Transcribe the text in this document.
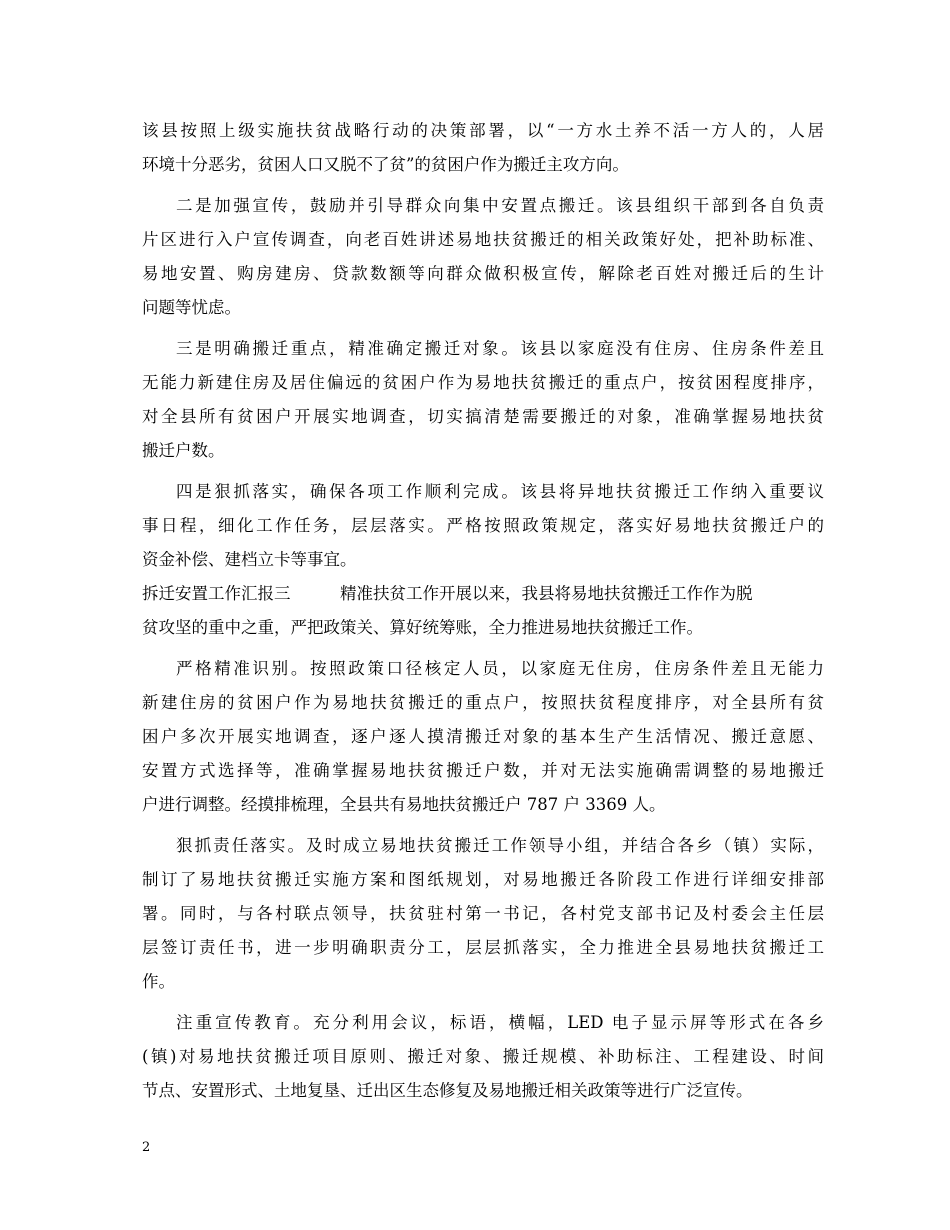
该县按照上级实施扶贫战略行动的决策部署，以“一方水土养不活一方人的，人居
环境十分恶劣，贫困人口又脱不了贫”的贫困户作为搬迁主攻方向。
二是加强宣传，鼓励并引导群众向集中安置点搬迁。该县组织干部到各自负责
片区进行入户宣传调查，向老百姓讲述易地扶贫搬迁的相关政策好处，把补助标准、
易地安置、购房建房、贷款数额等向群众做积极宣传，解除老百姓对搬迁后的生计
问题等忧虑。
三是明确搬迁重点，精准确定搬迁对象。该县以家庭没有住房、住房条件差且
无能力新建住房及居住偏远的贫困户作为易地扶贫搬迁的重点户，按贫困程度排序，
对全县所有贫困户开展实地调查，切实搞清楚需要搬迁的对象，准确掌握易地扶贫
搬迁户数。
四是狠抓落实，确保各项工作顺利完成。该县将异地扶贫搬迁工作纳入重要议
事日程，细化工作任务，层层落实。严格按照政策规定，落实好易地扶贫搬迁户的
资金补偿、建档立卡等事宜。
拆迁安置工作汇报三	精准扶贫工作开展以来，我县将易地扶贫搬迁工作作为脱
贫攻坚的重中之重，严把政策关、算好统筹账，全力推进易地扶贫搬迁工作。
严格精准识别。按照政策口径核定人员，以家庭无住房，住房条件差且无能力
新建住房的贫困户作为易地扶贫搬迁的重点户，按照扶贫程度排序，对全县所有贫
困户多次开展实地调查，逐户逐人摸清搬迁对象的基本生产生活情况、搬迁意愿、
安置方式选择等，准确掌握易地扶贫搬迁户数，并对无法实施确需调整的易地搬迁
户进行调整。经摸排梳理，全县共有易地扶贫搬迁户 787 户 3369 人。
狠抓责任落实。及时成立易地扶贫搬迁工作领导小组，并结合各乡（镇）实际，
制订了易地扶贫搬迁实施方案和图纸规划，对易地搬迁各阶段工作进行详细安排部
署。同时，与各村联点领导，扶贫驻村第一书记，各村党支部书记及村委会主任层
层签订责任书，进一步明确职责分工，层层抓落实，全力推进全县易地扶贫搬迁工
作。
注重宣传教育。充分利用会议，标语，横幅，LED 电子显示屏等形式在各乡
(镇)对易地扶贫搬迁项目原则、搬迁对象、搬迁规模、补助标注、工程建设、时间
节点、安置形式、土地复垦、迁出区生态修复及易地搬迁相关政策等进行广泛宣传。
2
